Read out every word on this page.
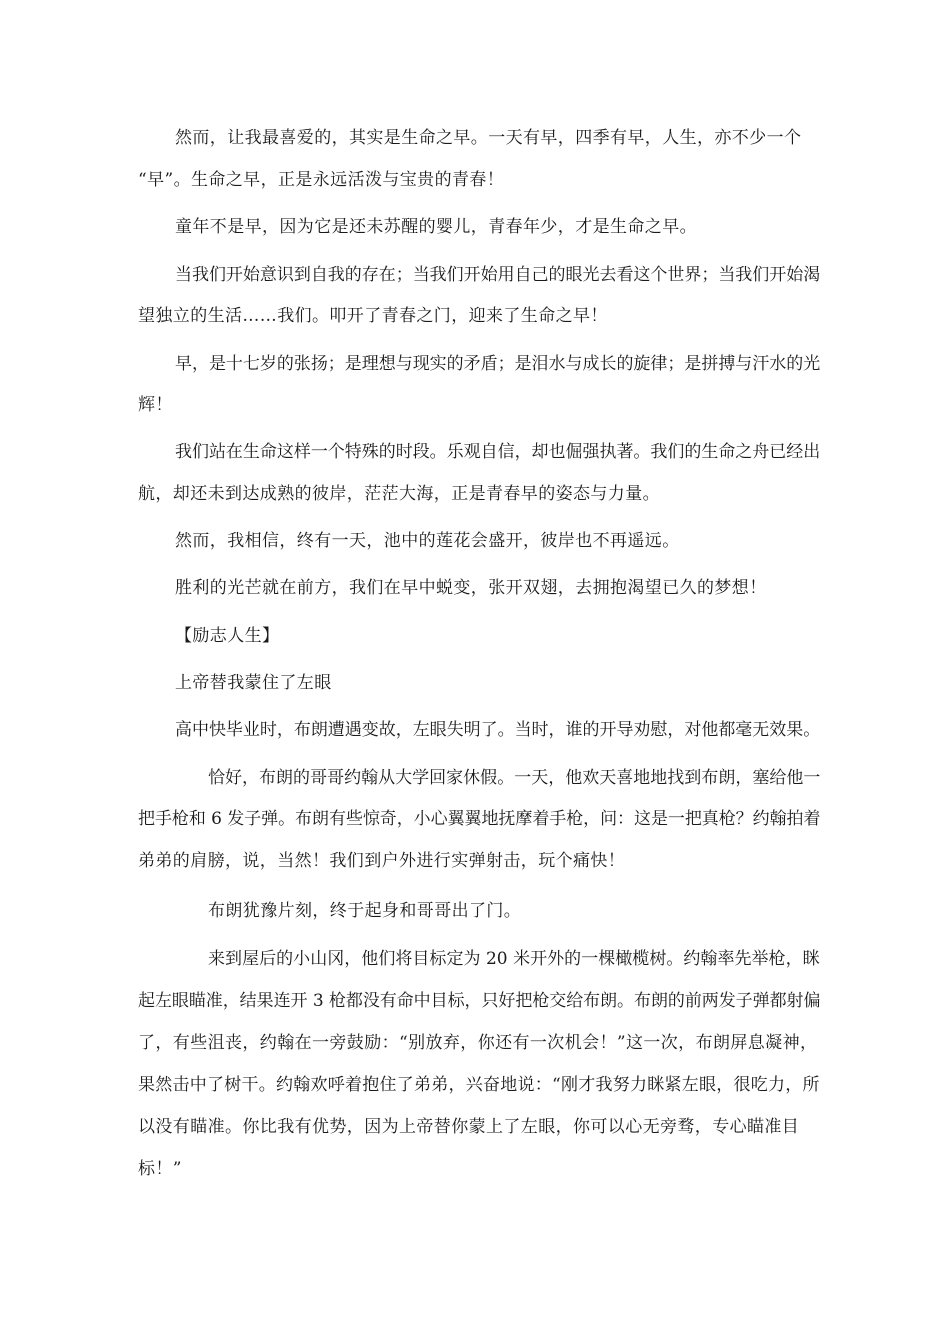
然而，让我最喜爱的，其实是生命之早。一天有早，四季有早，人生，亦不少一个
“早”。生命之早，正是永远活泼与宝贵的青春！
童年不是早，因为它是还未苏醒的婴儿，青春年少，才是生命之早。
当我们开始意识到自我的存在；当我们开始用自己的眼光去看这个世界；当我们开始渴
望独立的生活……我们。叩开了青春之门，迎来了生命之早！
早，是十七岁的张扬；是理想与现实的矛盾；是泪水与成长的旋律；是拼搏与汗水的光
辉！
我们站在生命这样一个特殊的时段。乐观自信，却也倔强执著。我们的生命之舟已经出
航，却还未到达成熟的彼岸，茫茫大海，正是青春早的姿态与力量。
然而，我相信，终有一天，池中的莲花会盛开，彼岸也不再遥远。
胜利的光芒就在前方，我们在早中蜕变，张开双翅，去拥抱渴望已久的梦想！
【励志人生】
上帝替我蒙住了左眼
高中快毕业时，布朗遭遇变故，左眼失明了。当时，谁的开导劝慰，对他都毫无效果。
恰好，布朗的哥哥约翰从大学回家休假。一天，他欢天喜地地找到布朗，塞给他一
把手枪和 6 发子弹。布朗有些惊奇，小心翼翼地抚摩着手枪，问：这是一把真枪？约翰拍着
弟弟的肩膀，说，当然！我们到户外进行实弹射击，玩个痛快！
布朗犹豫片刻，终于起身和哥哥出了门。
来到屋后的小山冈，他们将目标定为 20 米开外的一棵橄榄树。约翰率先举枪，眯
起左眼瞄准，结果连开 3 枪都没有命中目标，只好把枪交给布朗。布朗的前两发子弹都射偏
了，有些沮丧，约翰在一旁鼓励：“别放弃，你还有一次机会！”这一次，布朗屏息凝神，
果然击中了树干。约翰欢呼着抱住了弟弟，兴奋地说：“刚才我努力眯紧左眼，很吃力，所
以没有瞄准。你比我有优势，因为上帝替你蒙上了左眼，你可以心无旁骛，专心瞄准目
标！”
